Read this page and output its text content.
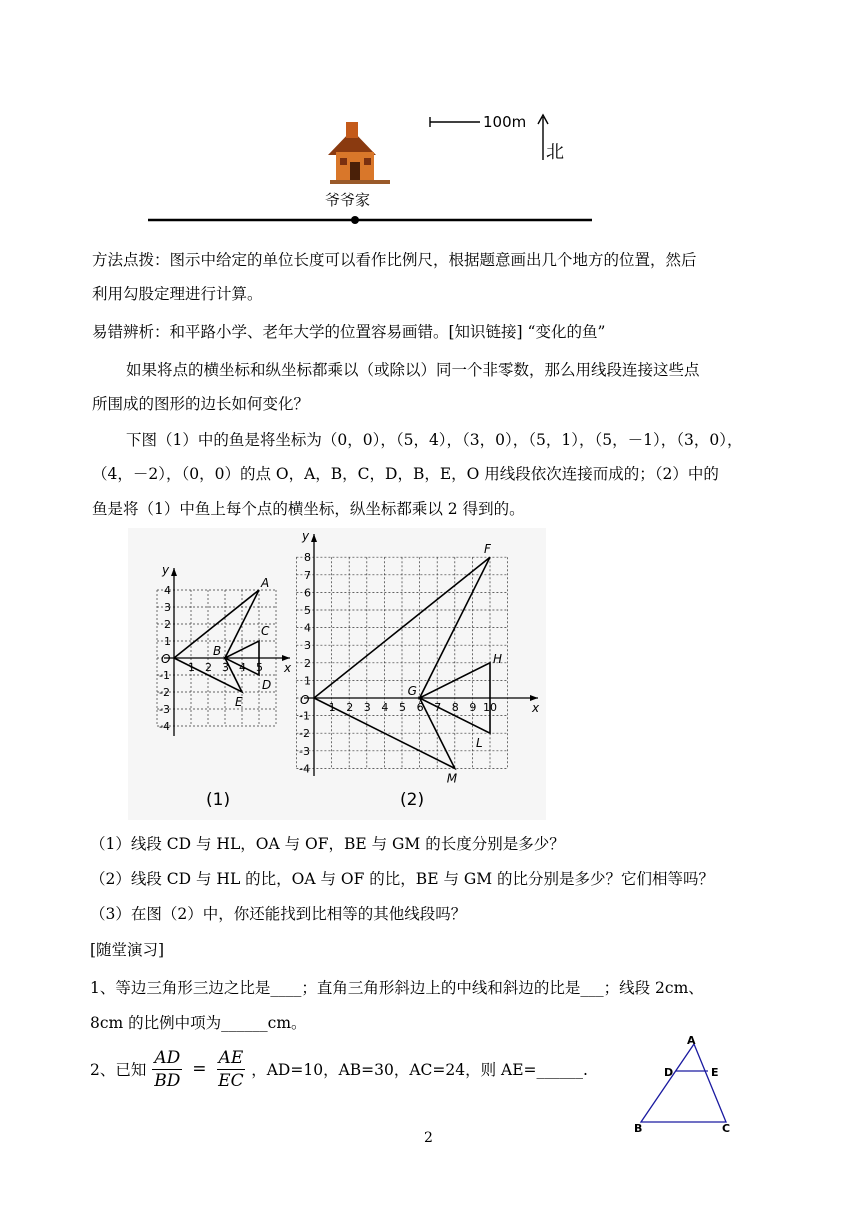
100m
北
爷爷家
方法点拨：图示中给定的单位长度可以看作比例尺，根据题意画出几个地方的位置，然后
利用勾股定理进行计算。
易错辨析：和平路小学、老年大学的位置容易画错。[知识链接] “变化的鱼”
如果将点的横坐标和纵坐标都乘以（或除以）同一个非零数，那么用线段连接这些点
所围成的图形的边长如何变化？
下图（1）中的鱼是将坐标为（0，0），（5，4），（3，0），（5，1），（5，－1），（3，0），
（4，－2），（0，0）的点 O，A，B，C，D，B，E，O 用线段依次连接而成的；（2）中的
鱼是将（1）中鱼上每个点的横坐标，纵坐标都乘以 2 得到的。
x
y
1 2 3 4 5
4
3
2
1
-1
-2
-3
-4
O
A
B
C
D
E	x
y
1 2 3 4 5 6 7 8 9 10
8
7
6
5
4
3
2
1
-1
-2
-3
-4
O
F
G
H
L
M
(1)	(2)
（1）线段 CD 与 HL，OA 与 OF，BE 与 GM 的长度分别是多少？
（2）线段 CD 与 HL 的比，OA 与 OF 的比，BE 与 GM 的比分别是多少？它们相等吗？
（3）在图（2）中，你还能找到比相等的其他线段吗？
[随堂演习]
1、等边三角形三边之比是____；直角三角形斜边上的中线和斜边的比是___；线段 2cm、
8cm 的比例中项为______cm。
2、已知 $\frac{AD}{BD} = \frac{AE}{EC}$ ，AD=10，AB=30，AC=24，则 AE=______.
A
D	E
B	C
2
